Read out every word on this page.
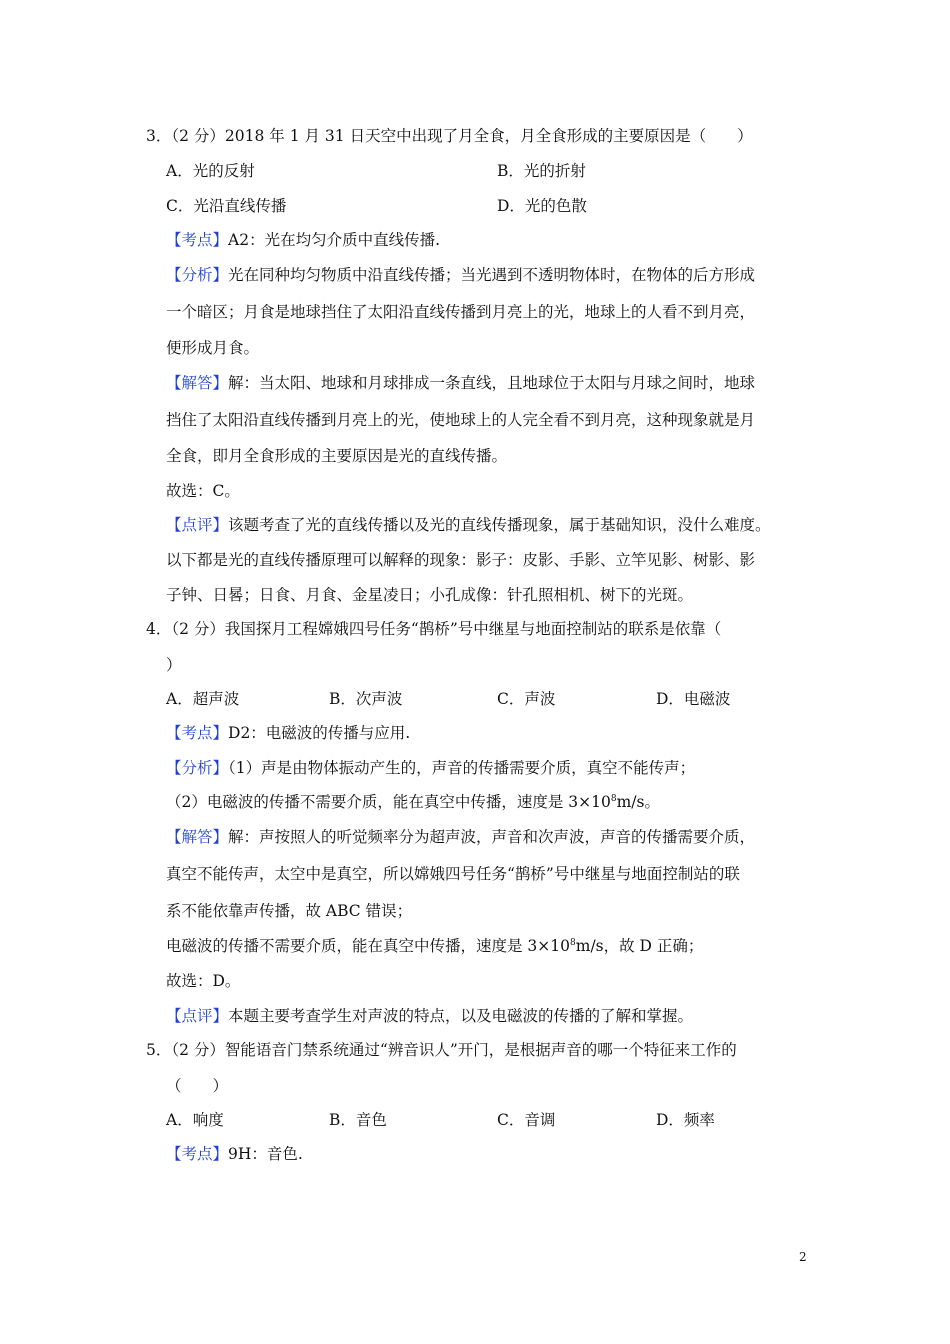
3．（2 分）2018 年 1 月 31 日天空中出现了月全食，月全食形成的主要原因是（　　）
A．光的反射	B．光的折射
C．光沿直线传播	D．光的色散
【考点】A2：光在均匀介质中直线传播.
【分析】光在同种均匀物质中沿直线传播；当光遇到不透明物体时，在物体的后方形成
一个暗区；月食是地球挡住了太阳沿直线传播到月亮上的光，地球上的人看不到月亮，
便形成月食。
【解答】解：当太阳、地球和月球排成一条直线，且地球位于太阳与月球之间时，地球
挡住了太阳沿直线传播到月亮上的光，使地球上的人完全看不到月亮，这种现象就是月
全食，即月全食形成的主要原因是光的直线传播。
故选：C。
【点评】该题考查了光的直线传播以及光的直线传播现象，属于基础知识，没什么难度。
以下都是光的直线传播原理可以解释的现象：影子：皮影、手影、立竿见影、树影、影
子钟、日晷；日食、月食、金星凌日；小孔成像：针孔照相机、树下的光斑。
4．（2 分）我国探月工程嫦娥四号任务“鹊桥”号中继星与地面控制站的联系是依靠（
）
A．超声波	B．次声波	C．声波	D．电磁波
【考点】D2：电磁波的传播与应用.
【分析】（1）声是由物体振动产生的，声音的传播需要介质，真空不能传声；
（2）电磁波的传播不需要介质，能在真空中传播，速度是 $3\times 10^8m/s$。
【解答】解：声按照人的听觉频率分为超声波，声音和次声波，声音的传播需要介质，
真空不能传声，太空中是真空，所以嫦娥四号任务“鹊桥”号中继星与地面控制站的联
系不能依靠声传播，故 ABC 错误；
电磁波的传播不需要介质，能在真空中传播，速度是 $3\times 10^8m/s$，故 D 正确；
故选：D。
【点评】本题主要考查学生对声波的特点，以及电磁波的传播的了解和掌握。
5．（2 分）智能语音门禁系统通过“辨音识人”开门，是根据声音的哪一个特征来工作的
（　　）
A．响度	B．音色	C．音调	D．频率
【考点】9H：音色.
2
